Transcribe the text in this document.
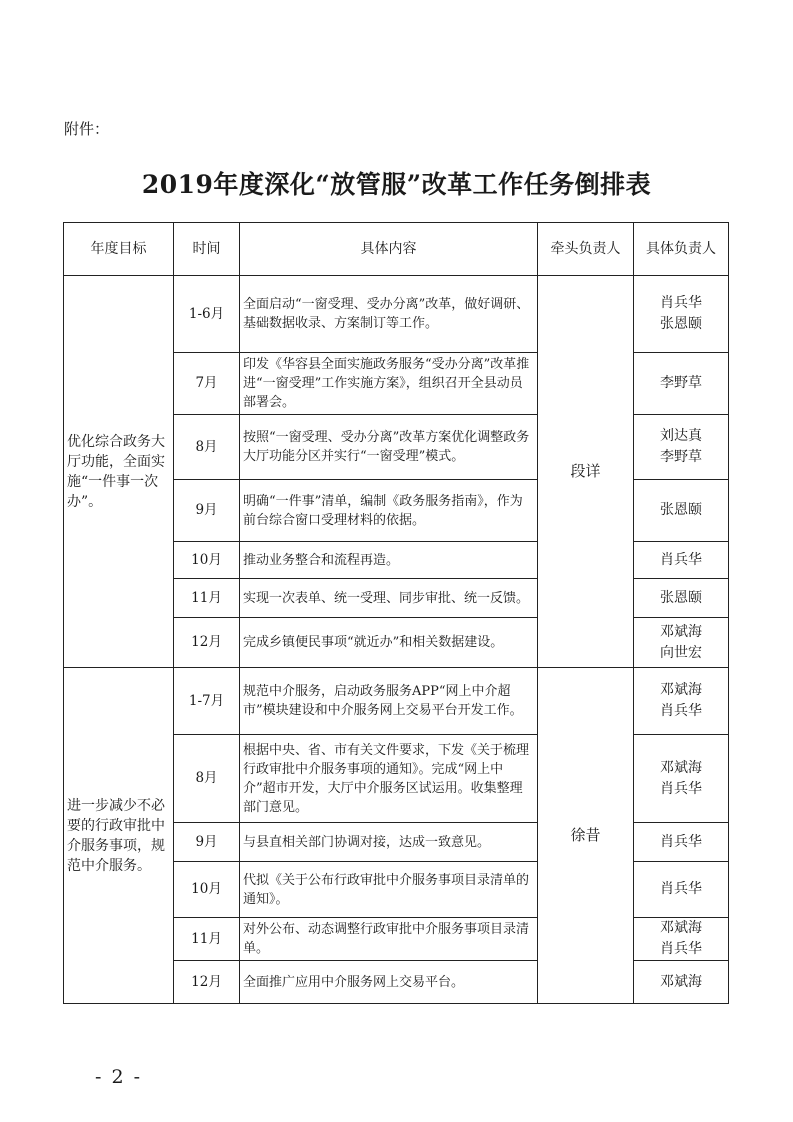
附件：
2019年度深化“放管服”改革工作任务倒排表
年度目标	时间	具体内容	牵头负责人	具体负责人
优化综合政务大厅功能，全面实施“一件事一次办”。	1-6月	全面启动“一窗受理、受办分离”改革，做好调研、基础数据收录、方案制订等工作。	段详	肖兵华
张恩颐

	7月	印发《华容县全面实施政务服务“受办分离”改革推进“一窗受理”工作实施方案》，组织召开全县动员部署会。		李野草

	8月	按照“一窗受理、受办分离”改革方案优化调整政务大厅功能分区并实行“一窗受理”模式。		刘达真
李野草

	9月	明确“一件事”清单，编制《政务服务指南》，作为前台综合窗口受理材料的依据。		张恩颐

	10月	推动业务整合和流程再造。		肖兵华

	11月	实现一次表单、统一受理、同步审批、统一反馈。		张恩颐

	12月	完成乡镇便民事项“就近办”和相关数据建设。		邓斌海
向世宏

进一步减少不必要的行政审批中介服务事项，规范中介服务。	1-7月	规范中介服务，启动政务服务APP“网上中介超市”模块建设和中介服务网上交易平台开发工作。	徐昔	邓斌海
肖兵华

	8月	根据中央、省、市有关文件要求，下发《关于梳理行政审批中介服务事项的通知》。完成“网上中介”超市开发，大厅中介服务区试运用。收集整理部门意见。		邓斌海
肖兵华

	9月	与县直相关部门协调对接，达成一致意见。		肖兵华

	10月	代拟《关于公布行政审批中介服务事项目录清单的通知》。		肖兵华

	11月	对外公布、动态调整行政审批中介服务事项目录清单。		邓斌海
肖兵华

	12月	全面推广应用中介服务网上交易平台。		邓斌海
- 2 -
